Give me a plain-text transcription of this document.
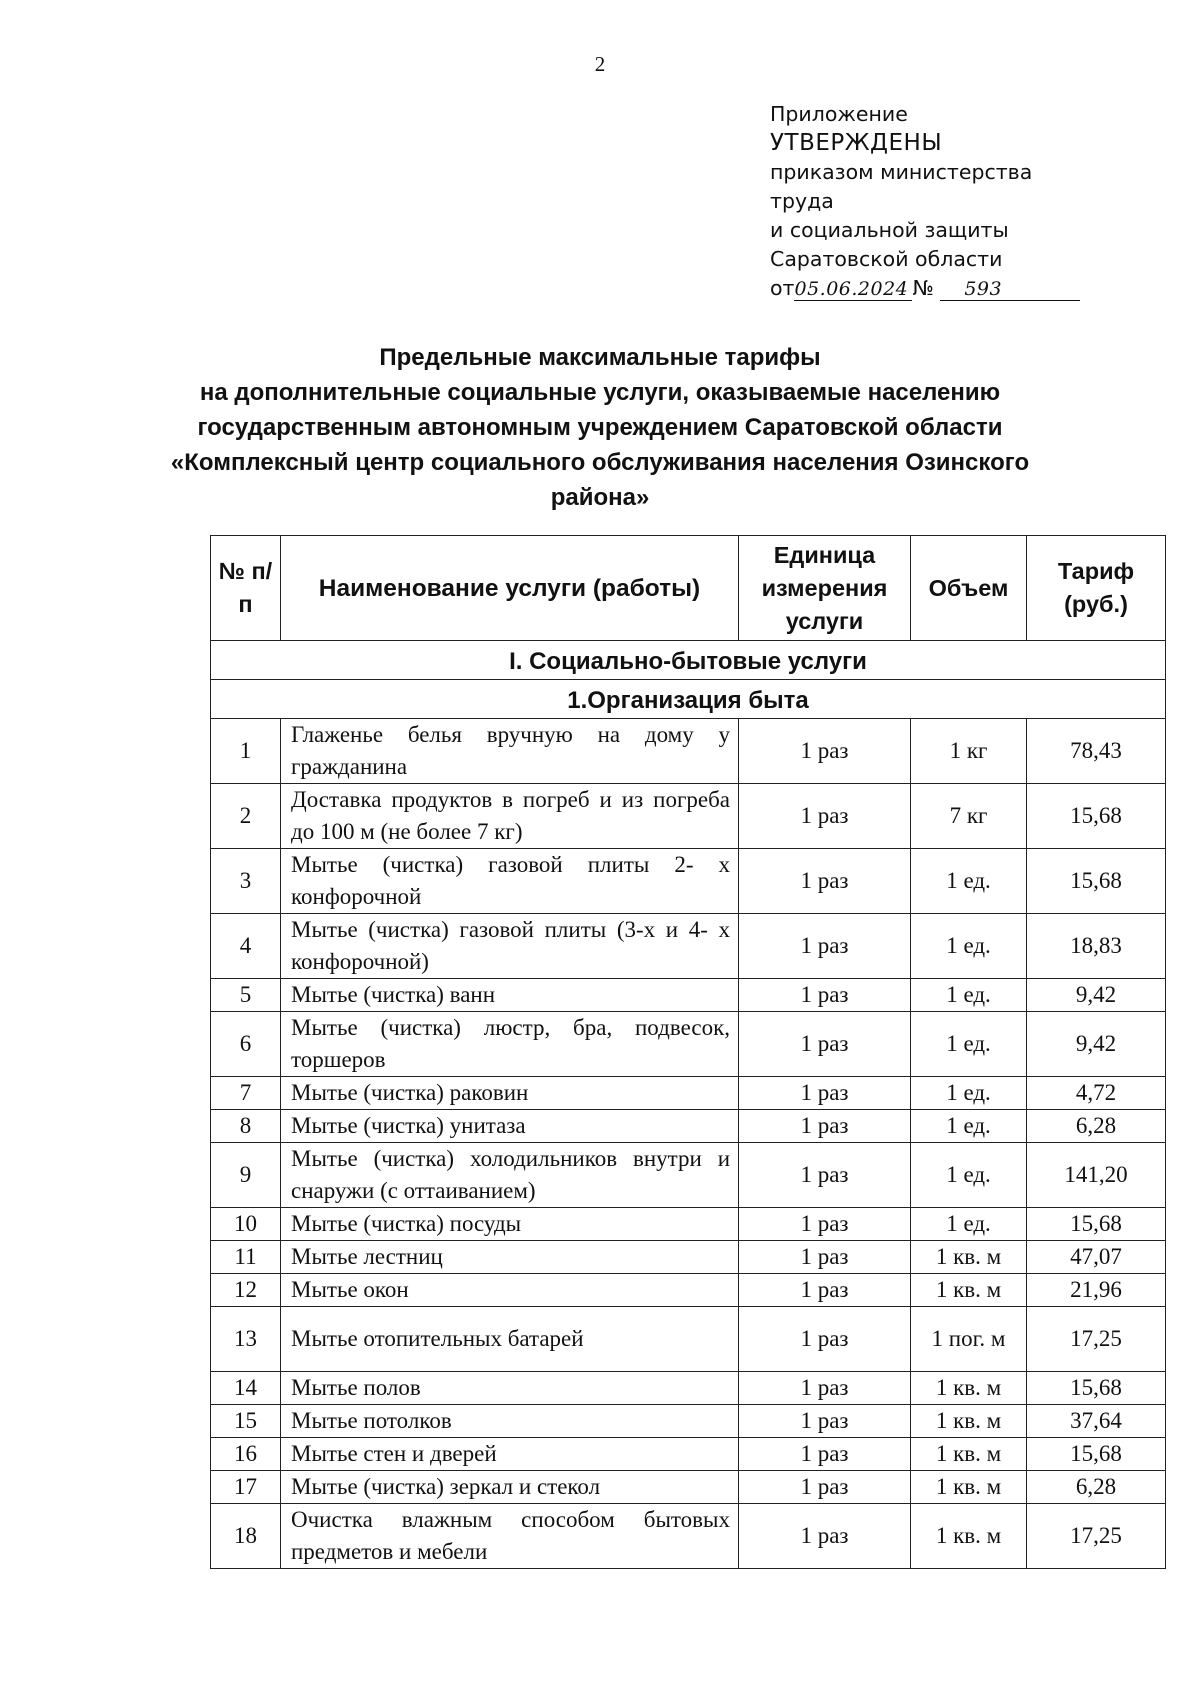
2
Приложение
УТВЕРЖДЕНЫ
приказом министерства труда
и социальной защиты
Саратовской области
от05.06.2024 № 593
Предельные максимальные тарифы
на дополнительные социальные услуги, оказываемые населению
государственным автономным учреждением Саратовской области
«Комплексный центр социального обслуживания населения Озинского
района»
№ п/п	Наименование услуги (работы)	Единица измерения услуги	Объем	Тариф (руб.)
I. Социально-бытовые услуги				
1.Организация быта				
1	Глаженье белья вручную на дому у гражданина	1 раз	1 кг	78,43
2	Доставка продуктов в погреб и из погреба до 100 м (не более 7 кг)	1 раз	7 кг	15,68
3	Мытье (чистка) газовой плиты 2- х конфорочной	1 раз	1 ед.	15,68
4	Мытье (чистка) газовой плиты (3-х и 4- х конфорочной)	1 раз	1 ед.	18,83
5	Мытье (чистка) ванн	1 раз	1 ед.	9,42
6	Мытье (чистка) люстр, бра, подвесок, торшеров	1 раз	1 ед.	9,42
7	Мытье (чистка) раковин	1 раз	1 ед.	4,72
8	Мытье (чистка) унитаза	1 раз	1 ед.	6,28
9	Мытье (чистка) холодильников внутри и снаружи (с оттаиванием)	1 раз	1 ед.	141,20
10	Мытье (чистка) посуды	1 раз	1 ед.	15,68
11	Мытье лестниц	1 раз	1 кв. м	47,07
12	Мытье окон	1 раз	1 кв. м	21,96
13	Мытье отопительных батарей	1 раз	1 пог. м	17,25
14	Мытье полов	1 раз	1 кв. м	15,68
15	Мытье потолков	1 раз	1 кв. м	37,64
16	Мытье стен и дверей	1 раз	1 кв. м	15,68
17	Мытье (чистка) зеркал и стекол	1 раз	1 кв. м	6,28
18	Очистка влажным способом бытовых предметов и мебели	1 раз	1 кв. м	17,25
